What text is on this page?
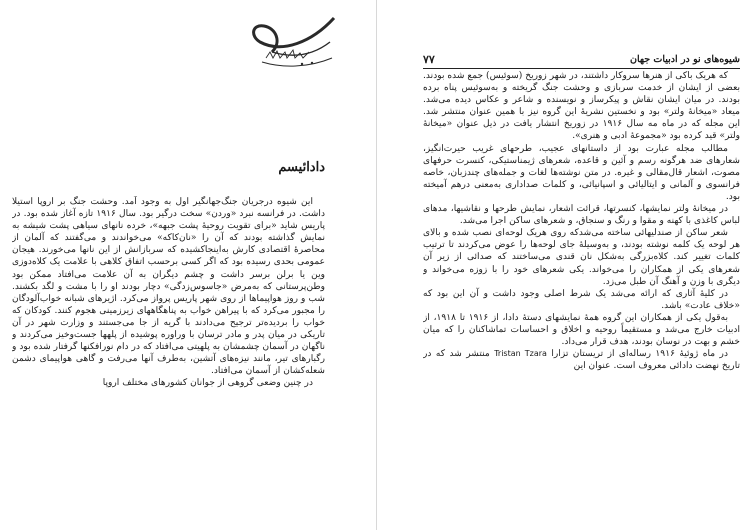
دادائیسم

این شیوه درجریان جنگ‌جهانگیر اول به وجود آمد. وحشت جنگ بر اروپا استیلا داشت. در فرانسه نبرد «وردن» سخت درگیر بود. سال ۱۹۱۶ تازه آغاز شده بود. در پاریس شاید «برای تقویت روحیهٔ پشت جبهه»، خرده نانهای سیاهی پشت شیشه به نمایش گذاشته بودند که آن را «نان‌کاکه» می‌خواندند و می‌گفتند که آلمان از محاصرهٔ اقتصادی کارش به‌اینجاکشیده که سربازانش از این نانها می‌خورند. هیجان عمومی بحدی رسیده بود که اگر کسی برحسب اتفاق کلاهی با علامت یک کلاه‌دوزی وین یا برلن برسر داشت و چشم دیگران به آن علامت می‌افتاد ممکن بود وطن‌پرستانی که به‌مرض «جاسوس‌زدگی» دچار بودند او را با مشت و لگد بکشند. شب و روز هواپیماها از روی شهر پاریس پرواز می‌کرد. اژیرهای شبانه خواب‌آلودگان را مجبور می‌کرد که با پیراهن خواب به پناهگاههای زیرزمینی هجوم کنند. کودکان که خواب را بردیده‌تر ترجیح می‌دادند با گریه از جا می‌جستند و وزارت شهر در آن تاریکی در میان پدر و مادر ترسان با وراوره پوشیده از پلهها جست‌وخیز می‌کردند و ناگهان در آسمان چشمشان به پلهیتی می‌افتاد که در دام نورافکنها گرفتار شده بود و رگبارهای تیر، مانند نیزه‌های آتشین، به‌طرف آنها می‌رفت و گاهی هواپیمای دشمن شعله‌کشان از آسمان می‌افتاد.

در چنین وضعی گروهی از جوانان کشورهای مختلف اروپا

شیوه‌های نو در ادبیات جهان
۷۷

که هریک باکی از هنرها سروکار داشتند، در شهر زوریخ (سوئیس) جمع شده بودند. بعضی از ایشان از خدمت سربازی و وحشت جنگ گریخته و به‌سوئیس پناه برده بودند. در میان ایشان نقاش و پیکرساز و نویسنده و شاعر و عکاس دیده می‌شد. میعاد «میخانهٔ ولتر» بود و نخستین نشریهٔ این گروه نیز با همین عنوان منتشر شد. این مجله که در ماه مه سال ۱۹۱۶ در زوریخ انتشار یافت در ذیل عنوان «میخانهٔ ولتر» قید کرده بود «مجموعهٔ ادبی و هنری».

مطالب مجله عبارت بود از داستانهای عجیب، طرحهای غریب حیرت‌انگیز، شعارهای ضد هرگونه رسم و آئین و قاعده، شعرهای ژیمناستیکی، کنسرت حرفهای مصوت، اشعار قال‌مقالی و غیره. در متن نوشته‌ها لغات و جمله‌های چندزبان، خاصه فرانسوی و آلمانی و ایتالیائی و اسپانیائی، و کلمات صداداری به‌معنی درهم آمیخته بود.

در میخانهٔ ولتر نمایشها، کنسرتها، قرائت اشعار، نمایش طرحها و نقاشیها، مدهای لباس کاغذی با کهنه و مقوا و رنگ و سنجاق، و شعرهای ساکن اجرا می‌شد.

شعر ساکن از صندلیهائی ساخته می‌شدکه روی هریک لوحه‌ای نصب شده و بالای هر لوحه یک کلمه نوشته بودند، و به‌وسیلهٔ جای لوحه‌ها را عوض می‌کردند تا ترتیب کلمات تغییر کند. کلاه‌بزرگی به‌شکل نان قندی می‌ساختند که صدائی از زیر آن شعرهای یکی از همکاران را می‌خواند. یکی شعرهای خود را با زوزه می‌خواند و دیگری با وزن و آهنگ آن طبل می‌زد.

در کلیهٔ آثاری که ارائه می‌شد یک شرط اصلی وجود داشت و آن این بود که «خلاف عادت» باشد.

به‌قول یکی از همکاران این گروه همهٔ نمایشهای دستهٔ دادا، از ۱۹۱۶ تا ۱۹۱۸، از ادبیات خارج می‌شد و مستقیماً روحیه و اخلاق و احساسات تماشاکنان را که میان خشم و بهت در نوسان بودند، هدف قرار می‌داد.

در ماه ژوئیهٔ ۱۹۱۶ رساله‌ای از تریستان تزارا Tristan Tzara منتشر شد که در تاریخ نهضت دادائی معروف است. عنوان این
